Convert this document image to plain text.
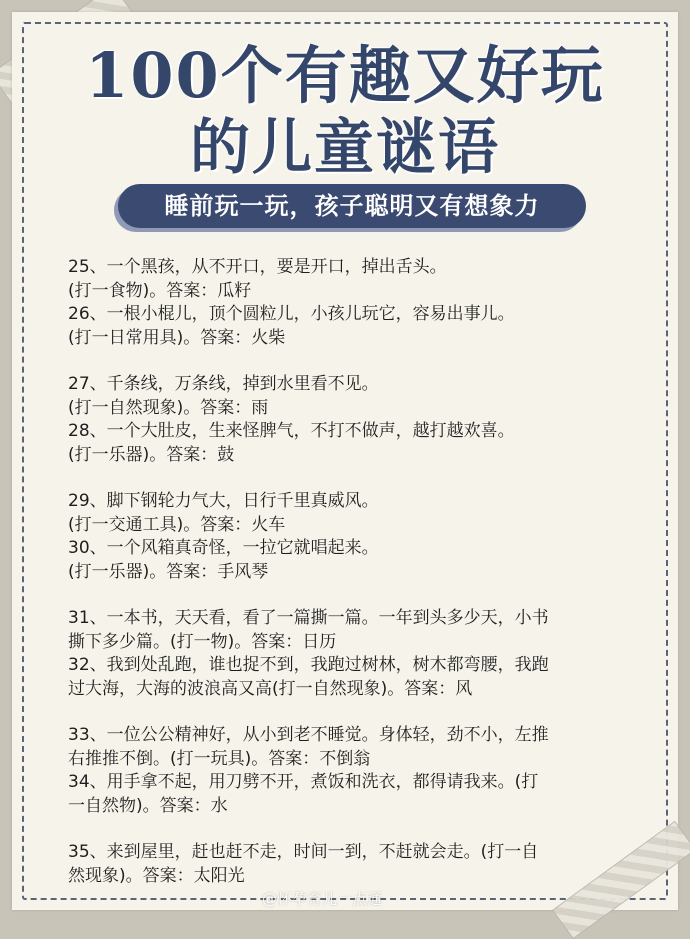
100个有趣又好玩
的儿童谜语
睡前玩一玩，孩子聪明又有想象力
25、一个黑孩，从不开口，要是开口，掉出舌头。
(打一食物)。答案：瓜籽
26、一根小棍儿，顶个圆粒儿，小孩儿玩它，容易出事儿。
(打一日常用具)。答案：火柴
27、千条线，万条线，掉到水里看不见。
(打一自然现象)。答案：雨
28、一个大肚皮，生来怪脾气，不打不做声，越打越欢喜。
(打一乐器)。答案：鼓
29、脚下钢轮力气大，日行千里真威风。
(打一交通工具)。答案：火车
30、一个风箱真奇怪，一拉它就唱起来。
(打一乐器)。答案：手风琴
31、一本书，天天看，看了一篇撕一篇。一年到头多少天，小书
撕下多少篇。(打一物)。答案：日历
32、我到处乱跑，谁也捉不到，我跑过树林，树木都弯腰，我跑
过大海，大海的波浪高又高(打一自然现象)。答案：风
33、一位公公精神好，从小到老不睡觉。身体轻，劲不小，左推
右推推不倒。(打一玩具)。答案：不倒翁
34、用手拿不起，用刀劈不开，煮饭和洗衣，都得请我来。(打
一自然物)。答案：水
35、来到屋里，赶也赶不走，时间一到，不赶就会走。(打一自
然现象)。答案：太阳光
@怀孕育儿一点通
